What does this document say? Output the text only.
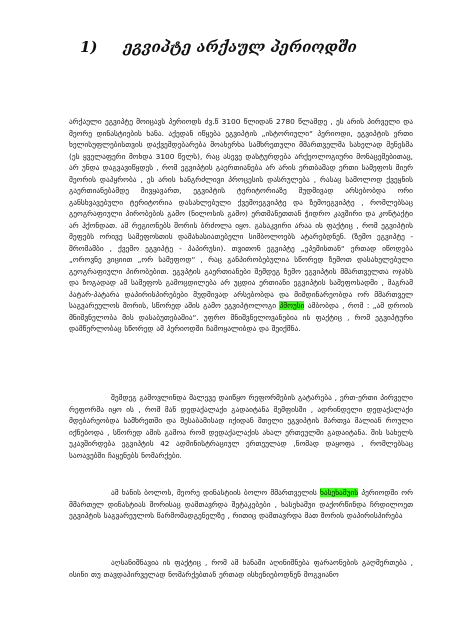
1) ეგვიპტე არქაულ პერიოდში

არქაული ეგვიპტე მოიცავს პერიოდს ძვ.წ 3100 წლიდან 2780 წლამდე , ეს არის პირველი და მეორე დინასტიების ხანა. აქედან იწყება ეგვიპტის „ისტორიული“ პერიოდი, ეგვიპტის ერთი ხელისუფლებისთვის დაქვემდებარება მოახერხა სამხრეთული მმართველმა სახელად მენესმა (ეს ყველაფერი მოხდა 3100 წელს), რაც ასევე დასტურდება არქეოლოგიური მონაცემებითაც, არ უნდა დაგვავიწყდეს , რომ ეგვიპტის გაერთიანება არ არის ერთბაშად ერთი სამეფოს მიერ მეორის დაპყრობა , ეს არის ხანგრძლივი პროცესის დასრულება , რასაც სამოლოდ ქვეყნის გაერთიანებამდე მივყავართ, ეგვიპტის ტერიტორიაზე მუდმივად არსებობდა ორი განსხვავებული ტერიტორია დასახლებული ქვემოეგვიპტე და ზემოეგვიპტე , რომლებსაც გეოგრაფიული პირობების გამო (ნილოსის გამო) ერთმანეთთან ჭიდრო კავშირი და კონტაქტი არ ჰქონდათ. ამ რეგიონებს შორის ბრძოლა იყო. გასაკვირი არაა ის ფაქტიც , რომ ეგვიპტის მეფებს ორივე სამეფოსთის დამახასიათებელი სიმბოლოებს ატარებდნენ. (ზემო ეგვიპტე - შრომამბი , ქვემო ეგვიპტე - პაპირუსი). თვითონ ეგვიპტე „ეპემისთან“ ერთად იწოდება „ოროვნე ვიციით „ორ სამეფოდ“ , რაც განპირობებულია სწორედ ზემოთ დასახელებული გეოგრაფიული პირობებით. ეგვპტის გაერთიანები შემდეგ ზემო ეგვიპტის მმართველთა ოჯახს და ზოგადად ამ სამეფოს გამოცდილება არ უცდია ერთიანი ეგვიპტის სამეფოსადმი , მაგრამ პატარ-პატარა დაპირისპირებები მუდმივად არსებობდა და მიმდინარეობდა ორ მმართველ საგვარეულოს შორის, სწორედ ამის გამო ეგვიპტოლოგი პმოუსი ამბობდა , რომ : „ამ დროის მნიშვნელობა მის დასაბუთებაშია“. უფრო მნიშვნელოვანებია ის ფაქტიც , რომ ეგვიპტური დამწერლობაც სწორედ ამ პერიოდში ჩამოყალიბდა და შეიქმნა.

შემდეგ გამოვლინდა მალევე დაიწყო რეფორმების გატარება , ერთ-ერთი პირველი რეფორმა იყო ის , რომ მან დედაქალაქი გადაიტანა მემფისში , ადრინდელი დედაქალაქი მდებარეობდა სამხრეთში და შესაბამისად იქიდან მთელი ეგვიპტის მართვა მალიან როული იქნებოდა , სწორედ ამის გამოა რომ დედაქალაქის ახალ ერთეულში გადაიტანა. შის სახელს უკავშირდება ეგვიპტის 42 ადმინისტრაციულ ერთეულად ,ნომად დაყოფა , რომლებსაც საოავებში ჩაყენებს ნომარქები.

ამ ხანის ბოლოს, მეორე დინასტიის ბოლო მმართველის ხასეხამუის პერიოდში ორ მმართელ დინასტიას შორისაც დამთავრდა შეტაკებები , ხასეხამუი დაქორწინდა ჩრდილოეთ ეგვიპტის საგვარეულოს წარმომადგენელზე , რითიც დამთავრდა მათ შორის დაპირისპირება

აღსანიშნავია ის ფაქტიც , რომ ამ ხანაში აღინიშნება ფარაონების გაღმერთება , ისინი თუ თავდაპირველად ნომარქებთან ერთად ისხენიებოდნენ მოგვიანო
